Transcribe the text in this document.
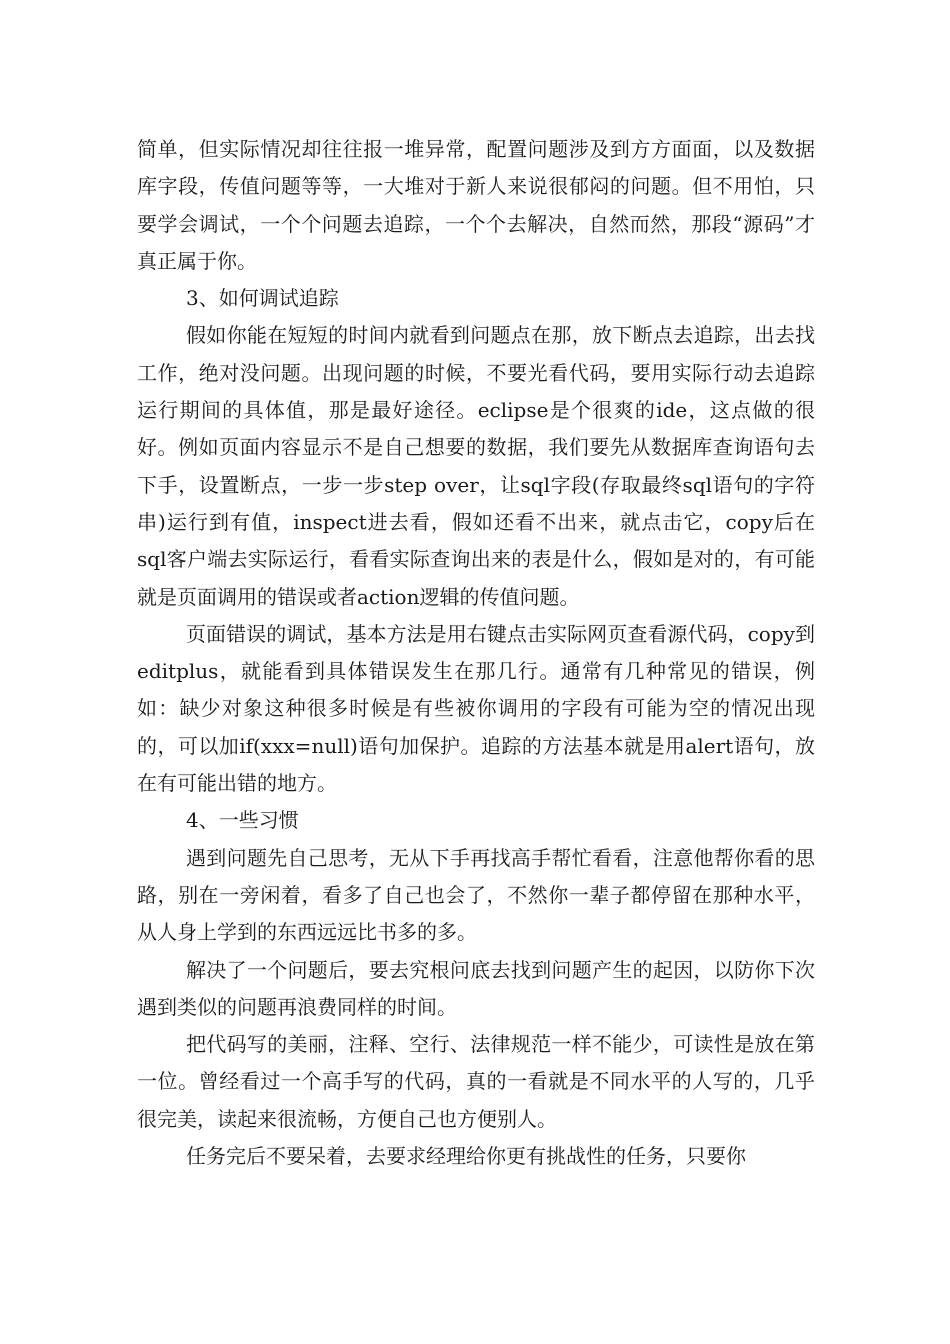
简单，但实际情况却往往报一堆异常，配置问题涉及到方方面面，以及数据库字段，传值问题等等，一大堆对于新人来说很郁闷的问题。但不用怕，只要学会调试，一个个问题去追踪，一个个去解决，自然而然，那段“源码”才真正属于你。

3、如何调试追踪

假如你能在短短的时间内就看到问题点在那，放下断点去追踪，出去找工作，绝对没问题。出现问题的时候，不要光看代码，要用实际行动去追踪运行期间的具体值，那是最好途径。eclipse是个很爽的ide，这点做的很好。例如页面内容显示不是自己想要的数据，我们要先从数据库查询语句去下手，设置断点，一步一步step over，让sql字段(存取最终sql语句的字符串)运行到有值，inspect进去看，假如还看不出来，就点击它，copy后在sql客户端去实际运行，看看实际查询出来的表是什么，假如是对的，有可能就是页面调用的错误或者action逻辑的传值问题。

页面错误的调试，基本方法是用右键点击实际网页查看源代码，copy到editplus，就能看到具体错误发生在那几行。通常有几种常见的错误，例如：缺少对象这种很多时候是有些被你调用的字段有可能为空的情况出现的，可以加if(xxx=null)语句加保护。追踪的方法基本就是用alert语句，放在有可能出错的地方。

4、一些习惯

遇到问题先自己思考，无从下手再找高手帮忙看看，注意他帮你看的思路，别在一旁闲着，看多了自己也会了，不然你一辈子都停留在那种水平，从人身上学到的东西远远比书多的多。

解决了一个问题后，要去究根问底去找到问题产生的起因，以防你下次遇到类似的问题再浪费同样的时间。

把代码写的美丽，注释、空行、法律规范一样不能少，可读性是放在第一位。曾经看过一个高手写的代码，真的一看就是不同水平的人写的，几乎很完美，读起来很流畅，方便自己也方便别人。

任务完后不要呆着，去要求经理给你更有挑战性的任务，只要你
